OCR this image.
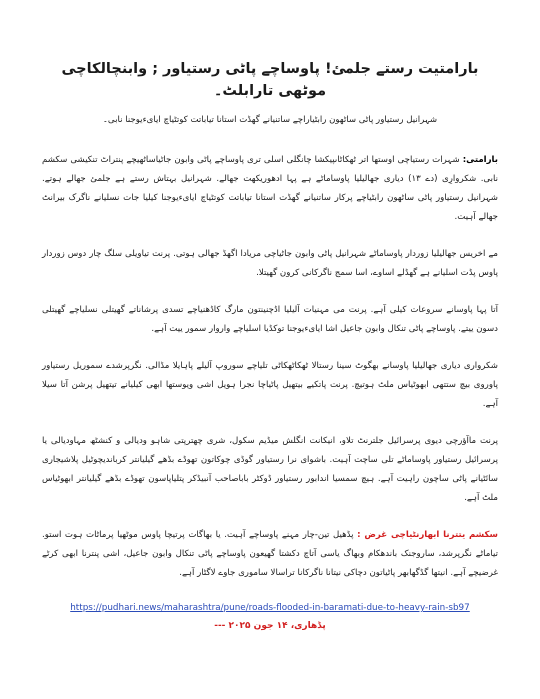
بارامتیت رستے جلمئ! پاوساچے پاٹی رستیاور ; وابنچالکاچی موٹھی تارابلٹ۔

شہرانیل رستیاور پاٹی ساٹھون رابٹیاراچے ساتنیانے گھڈت استانا تیاباتت کوتٹیاچ ایایءیوجنا نابی۔

بارامتی: شہرات رستیاچی اوستھا اتر ٹھکاٹاںپیکشا چانگلی اسلی تری پاوساچے پاٹی وابون جاٹیاساٹھیچے پنتراٹ تنکیشی سکشم نابی. شکروارِی (دے ۱۳) دیاری جھالیلیا پاوساماٹے ہے پہا ادھوریکھت جھالے. شہرانیل بہتاش رستے ہے جلمئ جھالے ہوتے. شہرانیل رستیاور پاٹی ساٹھون رابٹیاچے پرکار ساتنیانے گھڈت استانا تیاباتت کوتٹیاچ ایایءیوجنا کیلیا جات نسلیانے ناگرک بیرانٹ جھالے آہیت.

مے اخریس جھالیلیا زوردار پاوساماٹے شہرانیل پاٹی وابون جاٹیاچی مریادا اگھڈ جھالی ہوتی. پرنت تیاویلی سلگ چار دوس زوردار پاوس پڈت اسلیانے ہے گھڈلے اساوے، اسا سمج ناگرکانی کرون گھیتلا.

آتا پہا پاوسانے سروعات کیلی آہے. پرنت می مہنیات آلیلیا اڈچنینتون مارگ کاڈھنیاچے تسدی پرشاناتے گھیتلی نسلیاچے گھیتلی دسون ییتے. پاوساچے پاٹی تنکال وابون جاعیل اشا ایایءیوجنا توکڈیا اسلیاچے واروار سمور ییت آہے.

شکرواری دیاری جھالیلیا پاوسانے بھگوٹ سینا رستالا ٹھکاٹھکاٹی تلیاچے سوروپ آلیلے پاہایلا مڈالی. نگرپرشدے سموریل رستیاور پاوروی بیچ ستتھی ابھوٹیاس ملٹ ہوتیچ. پرنت پاتکیے بیتھیل پاٹیاچا نجرا ہویل اشی ویوستھا ابھی کیلیانے تیتھیل پرشن آتا سیلا آہے.

پرنت ماآؤرچی دیوی پرسرائیل جلترنٹ تلاو، انیکانت انگلش میڈیم سکول، شری چھترپتی شاہو ودیالی و کنشٹھ مہاودیالی یا پرسرائیل رستیاور پاوساماٹے تلی ساچت آہیت. باشوای نرا رستیاور گوڈی چوکاتون تھوڈے بڈھے گیلیانتر کرباندیچوٹیل پلاشیجاری سائٹیانے پاٹی ساچون راہیت آہے. ہیچ سمسیا اندابور رستیاور ڈوکٹر باباصاحب آنبیڈکر پتلیاپاسون تھوڈے بڈھے گیلیانتر ابھوٹیاس ملٹ آہے.

سکشم یتترنا ابھارنٹیاچی غرض : پڈھیل تین-چار مہنے پاوساچے آہیت. یا بھاگات پرتیچا پاوس موٹھیا پرماٹات ہوت استو. تیاماٹے نگرپرشد، ساروجنک باندھکام وبھاگ یاسی آتاچ دکشتا گھیعون پاوساچے پاٹی تنکال وابون جاعیل، اشی پنترنا ابھی کرٹے غرضیچے آہے. انیتھا گڈگھابھر پاٹیاتون دچاکی نیتانا ناگرکانا تراسالا ساموری جاوے لاگٹار آہے.

https://pudhari.news/maharashtra/pune/roads-flooded-in-baramati-due-to-heavy-rain-sb97
پڈھاری، ۱۴ جون ۲۰۲۵ ---
